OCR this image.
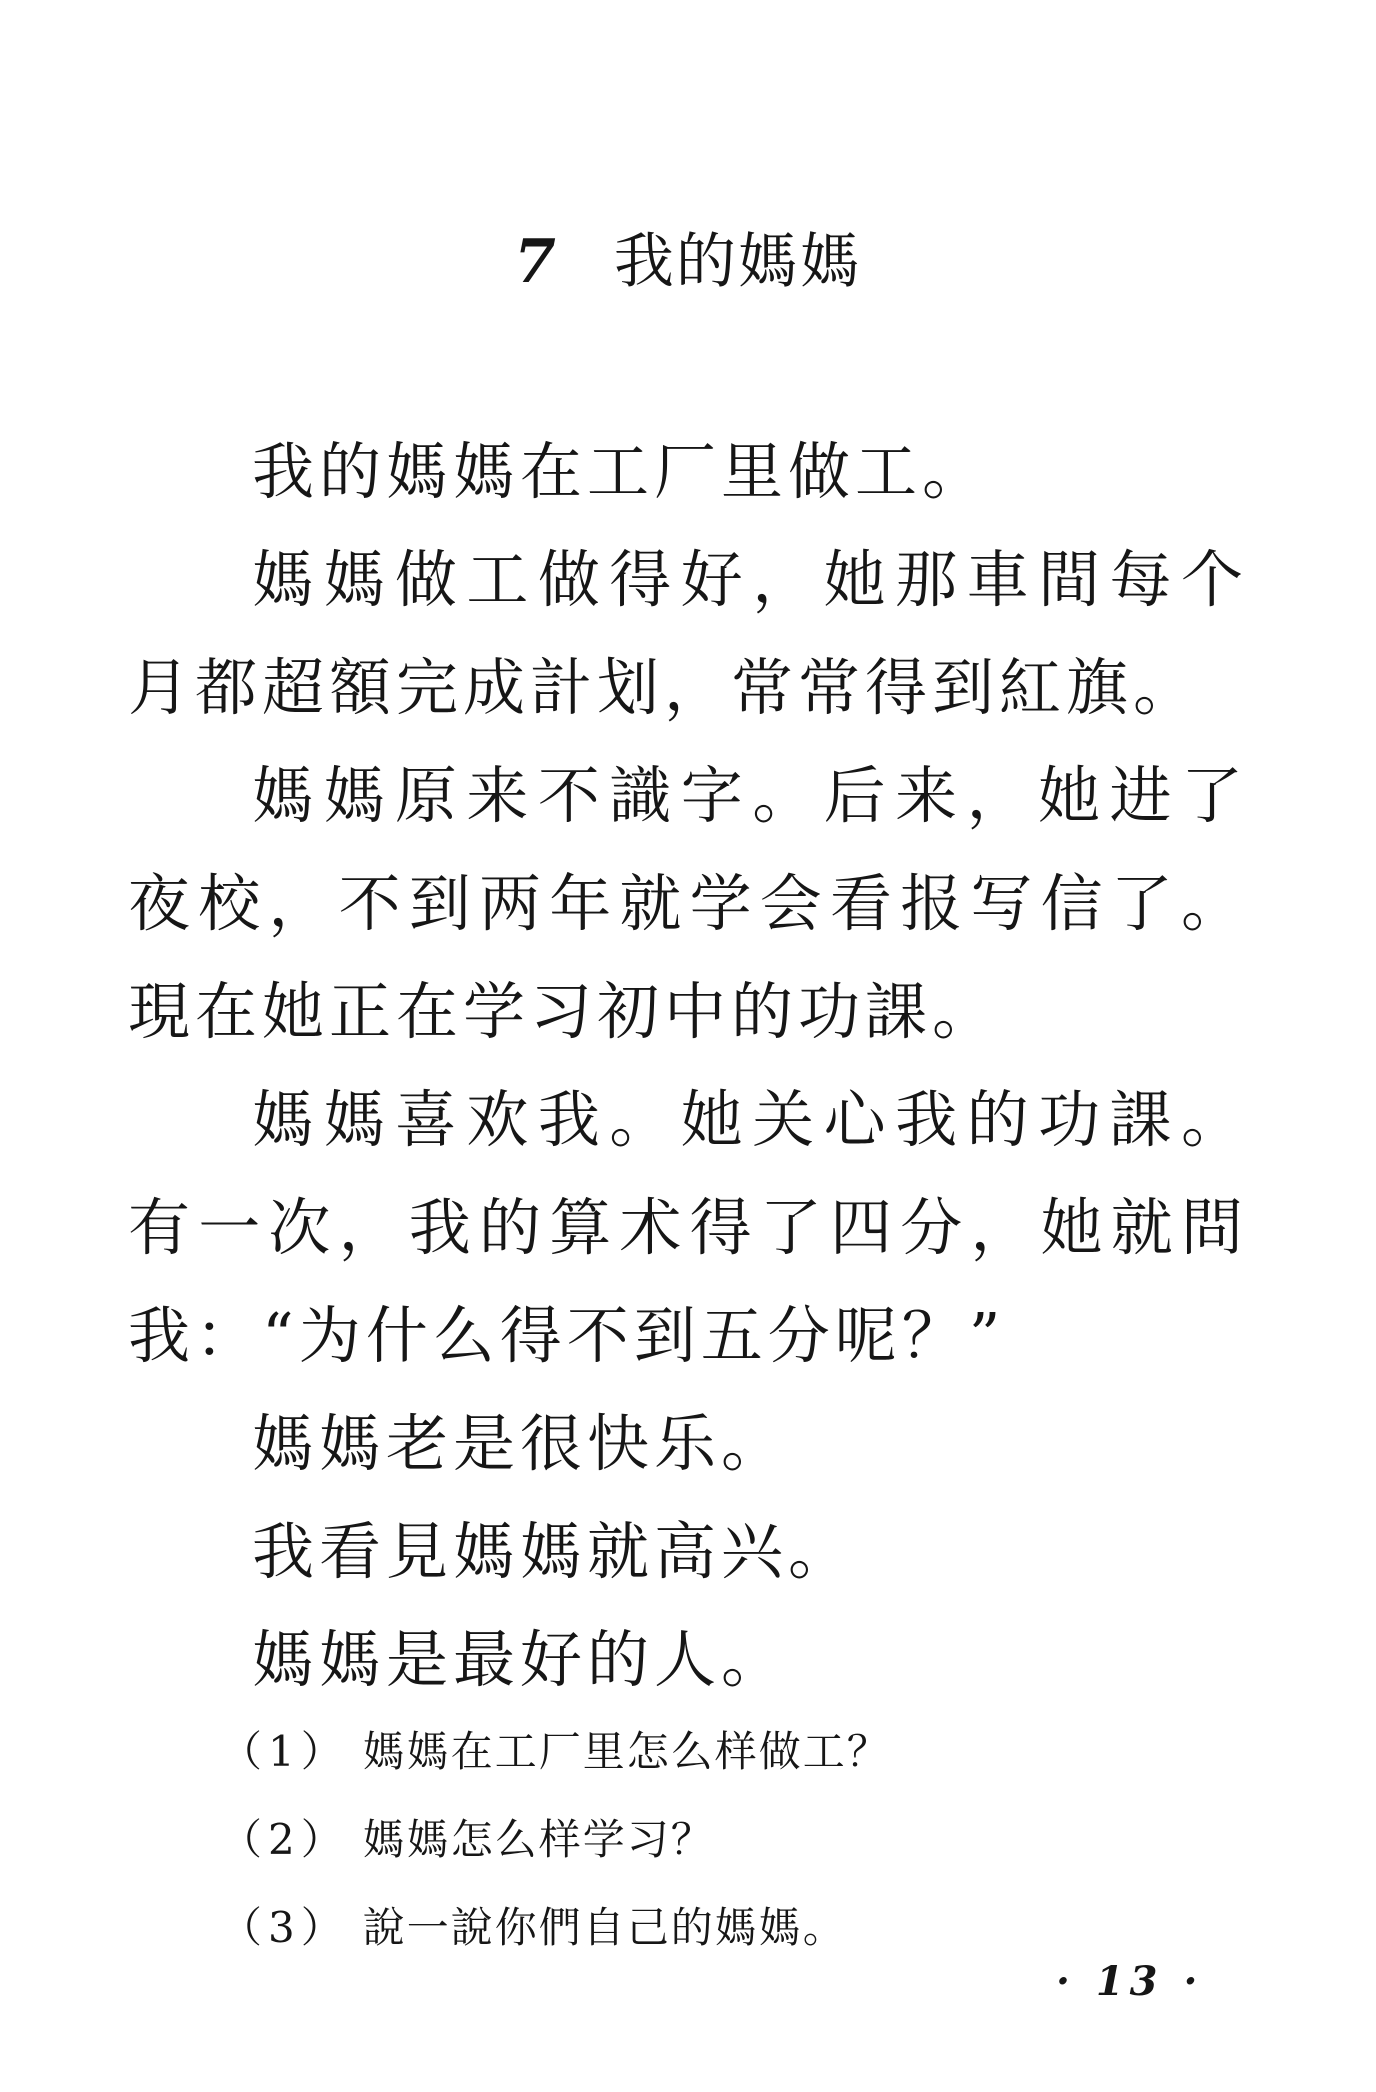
7 我的媽媽

我的媽媽在工厂里做工。

媽媽做工做得好，她那車間每个月都超額完成計划，常常得到紅旗。

媽媽原来不識字。后来，她进了夜校，不到两年就学会看报写信了。現在她正在学习初中的功課。

媽媽喜欢我。她关心我的功課。有一次，我的算术得了四分，她就問我：“为什么得不到五分呢？”

媽媽老是很快乐。

我看見媽媽就高兴。

媽媽是最好的人。

（1） 媽媽在工厂里怎么样做工？

（2） 媽媽怎么样学习？

（3） 說一說你們自己的媽媽。

· 13 ·
